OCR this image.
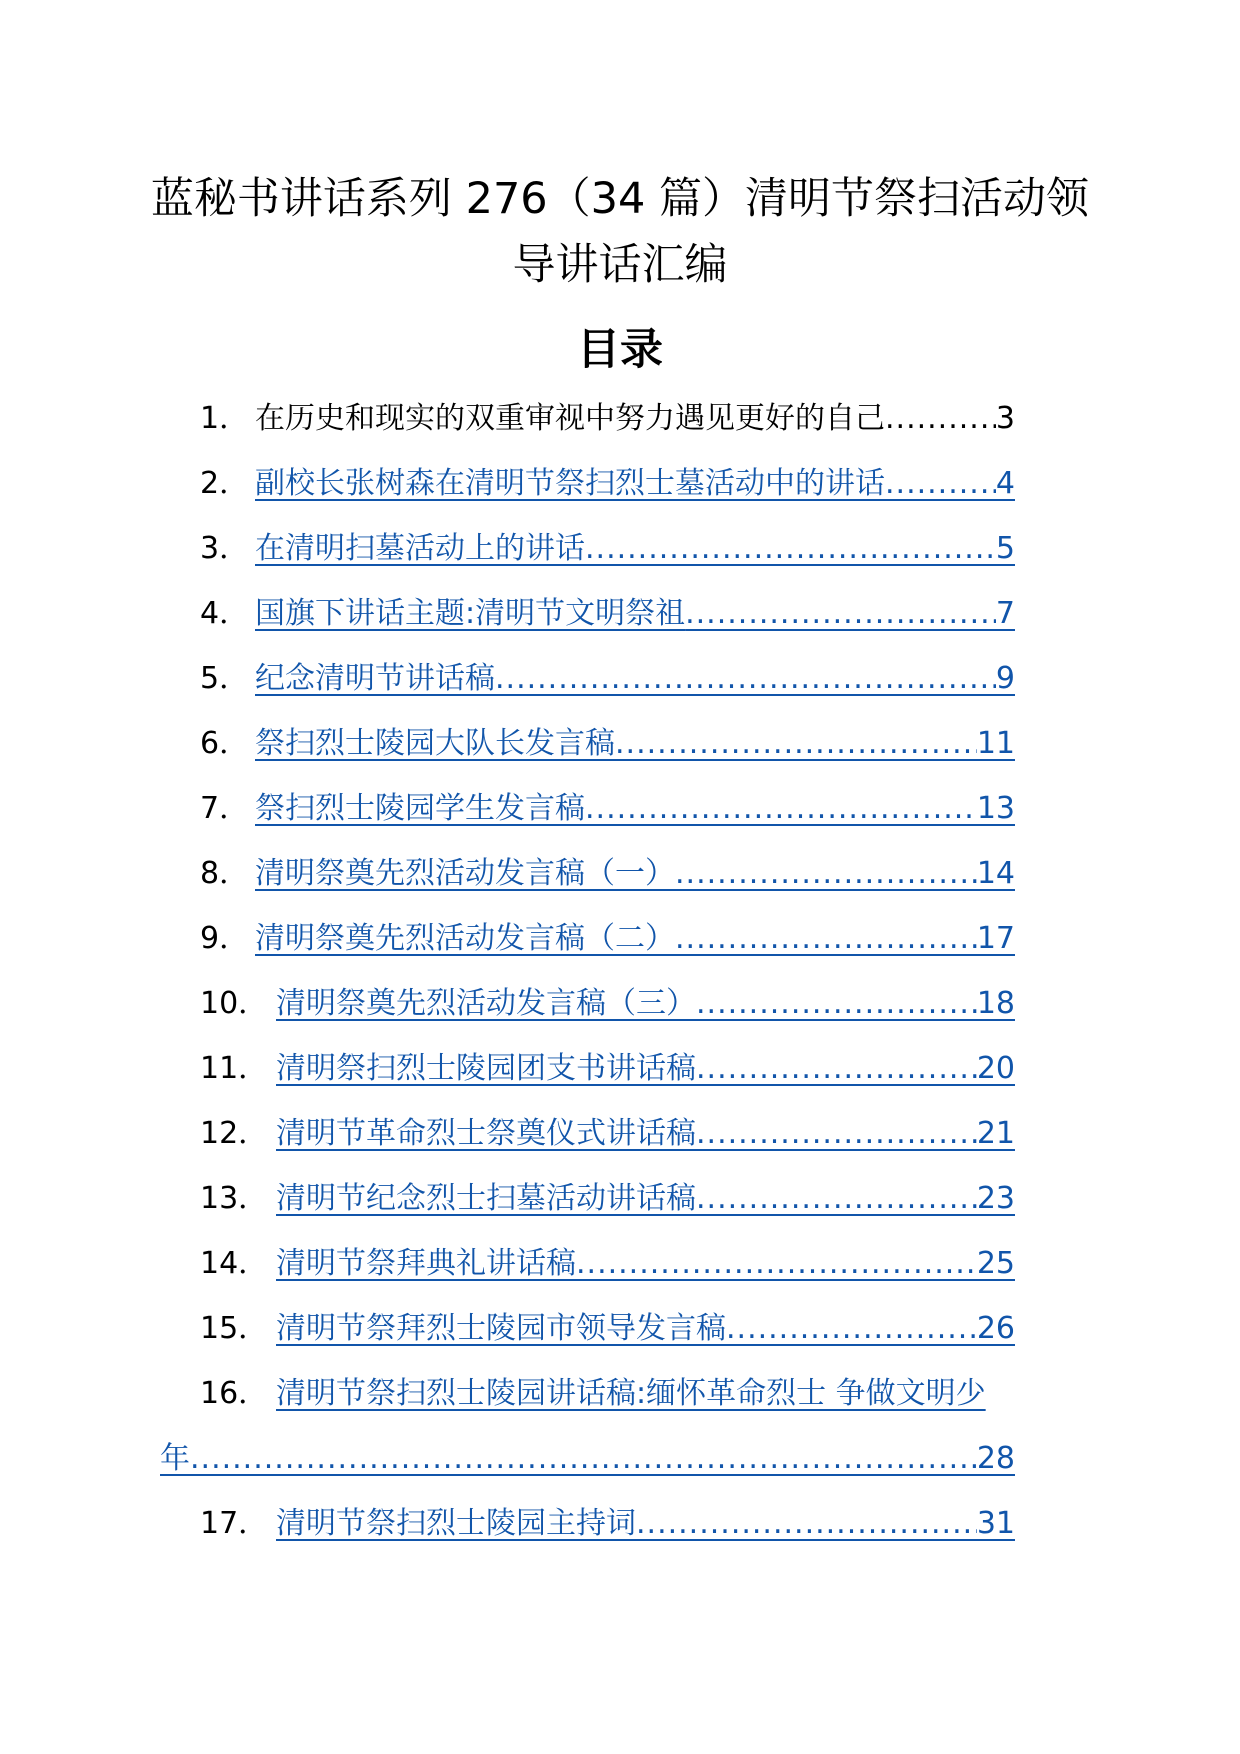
蓝秘书讲话系列 276（34 篇）清明节祭扫活动领导讲话汇编
目录
1． 在历史和现实的双重审视中努力遇见更好的自己 .....	3
2． 副校长张树森在清明节祭扫烈士墓活动中的讲话 .....	4
3． 在清明扫墓活动上的讲话 .....	5
4． 国旗下讲话主题:清明节文明祭祖 .....	7
5． 纪念清明节讲话稿 .....	9
6． 祭扫烈士陵园大队长发言稿 .....	11
7． 祭扫烈士陵园学生发言稿 .....	13
8． 清明祭奠先烈活动发言稿（一） .....	14
9． 清明祭奠先烈活动发言稿（二） .....	17
10． 清明祭奠先烈活动发言稿（三） .....	18
11． 清明祭扫烈士陵园团支书讲话稿 .....	20
12． 清明节革命烈士祭奠仪式讲话稿 .....	21
13． 清明节纪念烈士扫墓活动讲话稿 .....	23
14． 清明节祭拜典礼讲话稿 .....	25
15． 清明节祭拜烈士陵园市领导发言稿 .....	26
16． 清明节祭扫烈士陵园讲话稿:缅怀革命烈士 争做文明少
年 .....	28
17． 清明节祭扫烈士陵园主持词 .....	31
